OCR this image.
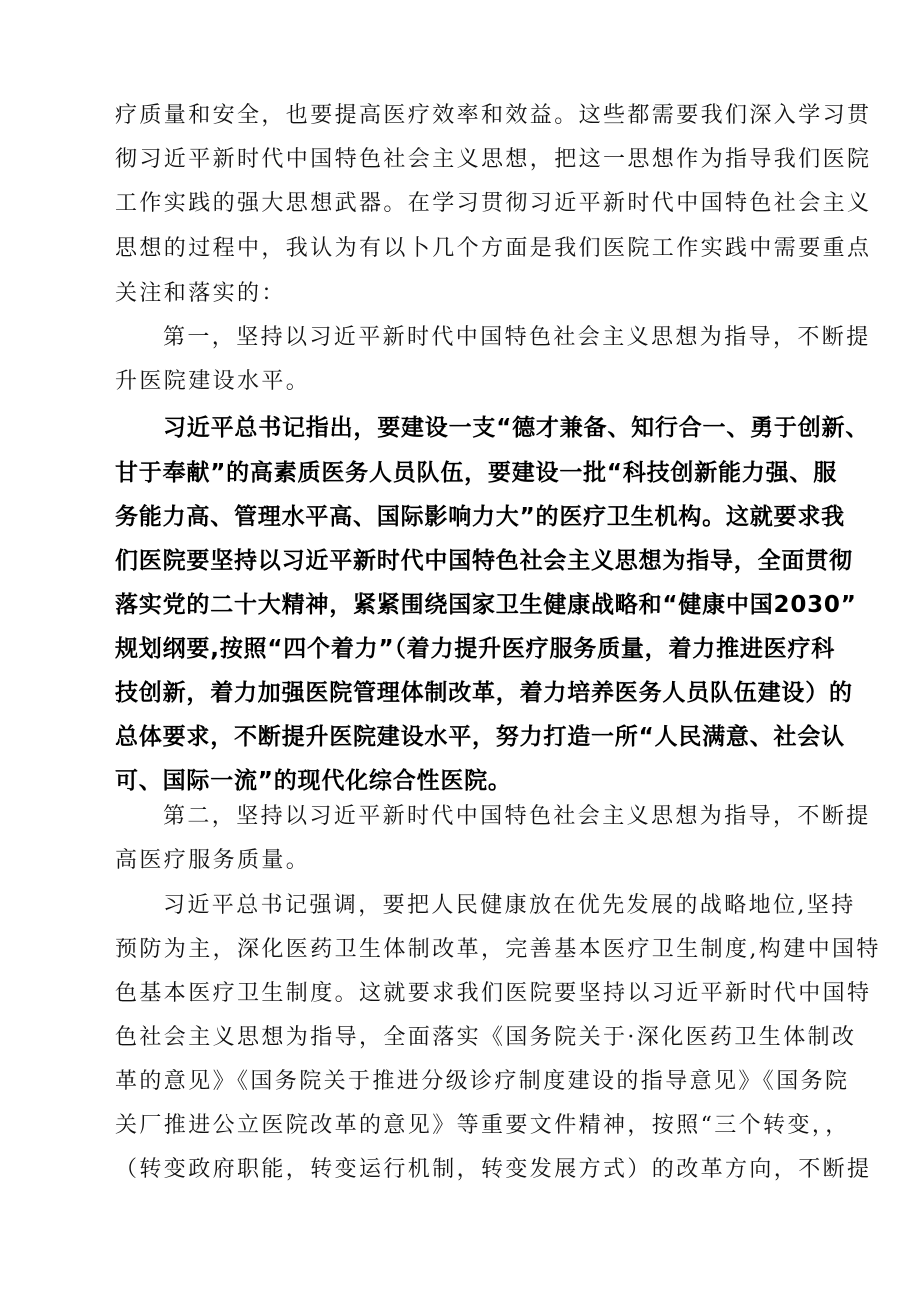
疗质量和安全，也要提高医疗效率和效益。这些都需要我们深入学习贯
彻习近平新时代中国特色社会主义思想，把这一思想作为指导我们医院
工作实践的强大思想武器。在学习贯彻习近平新时代中国特色社会主义
思想的过程中，我认为有以卜几个方面是我们医院工作实践中需要重点
关注和落实的：
第一，坚持以习近平新时代中国特色社会主义思想为指导，不断提
升医院建设水平。
习近平总书记指出，要建设一支“德才兼备、知行合一、勇于创新、
甘于奉献”的高素质医务人员队伍，要建设一批“科技创新能力强、服
务能力高、管理水平高、国际影响力大”的医疗卫生机构。这就要求我
们医院要坚持以习近平新时代中国特色社会主义思想为指导，全面贯彻
落实党的二十大精神，紧紧围绕国家卫生健康战略和“健康中国2030”
规划纲要,按照“四个着力”（着力提升医疗服务质量，着力推进医疗科
技创新，着力加强医院管理体制改革，着力培养医务人员队伍建设）的
总体要求，不断提升医院建设水平，努力打造一所“人民满意、社会认
可、国际一流”的现代化综合性医院。
第二，坚持以习近平新时代中国特色社会主义思想为指导，不断提
高医疗服务质量。
习近平总书记强调，要把人民健康放在优先发展的战略地位,坚持
预防为主，深化医药卫生体制改革，完善基本医疗卫生制度,构建中国特
色基本医疗卫生制度。这就要求我们医院要坚持以习近平新时代中国特
色社会主义思想为指导，全面落实《国务院关于·深化医药卫生体制改
革的意见》《国务院关于推进分级诊疗制度建设的指导意见》《国务院
关厂推进公立医院改革的意见》等重要文件精神，按照“三个转变，，
（转变政府职能，转变运行机制，转变发展方式）的改革方向，不断提
